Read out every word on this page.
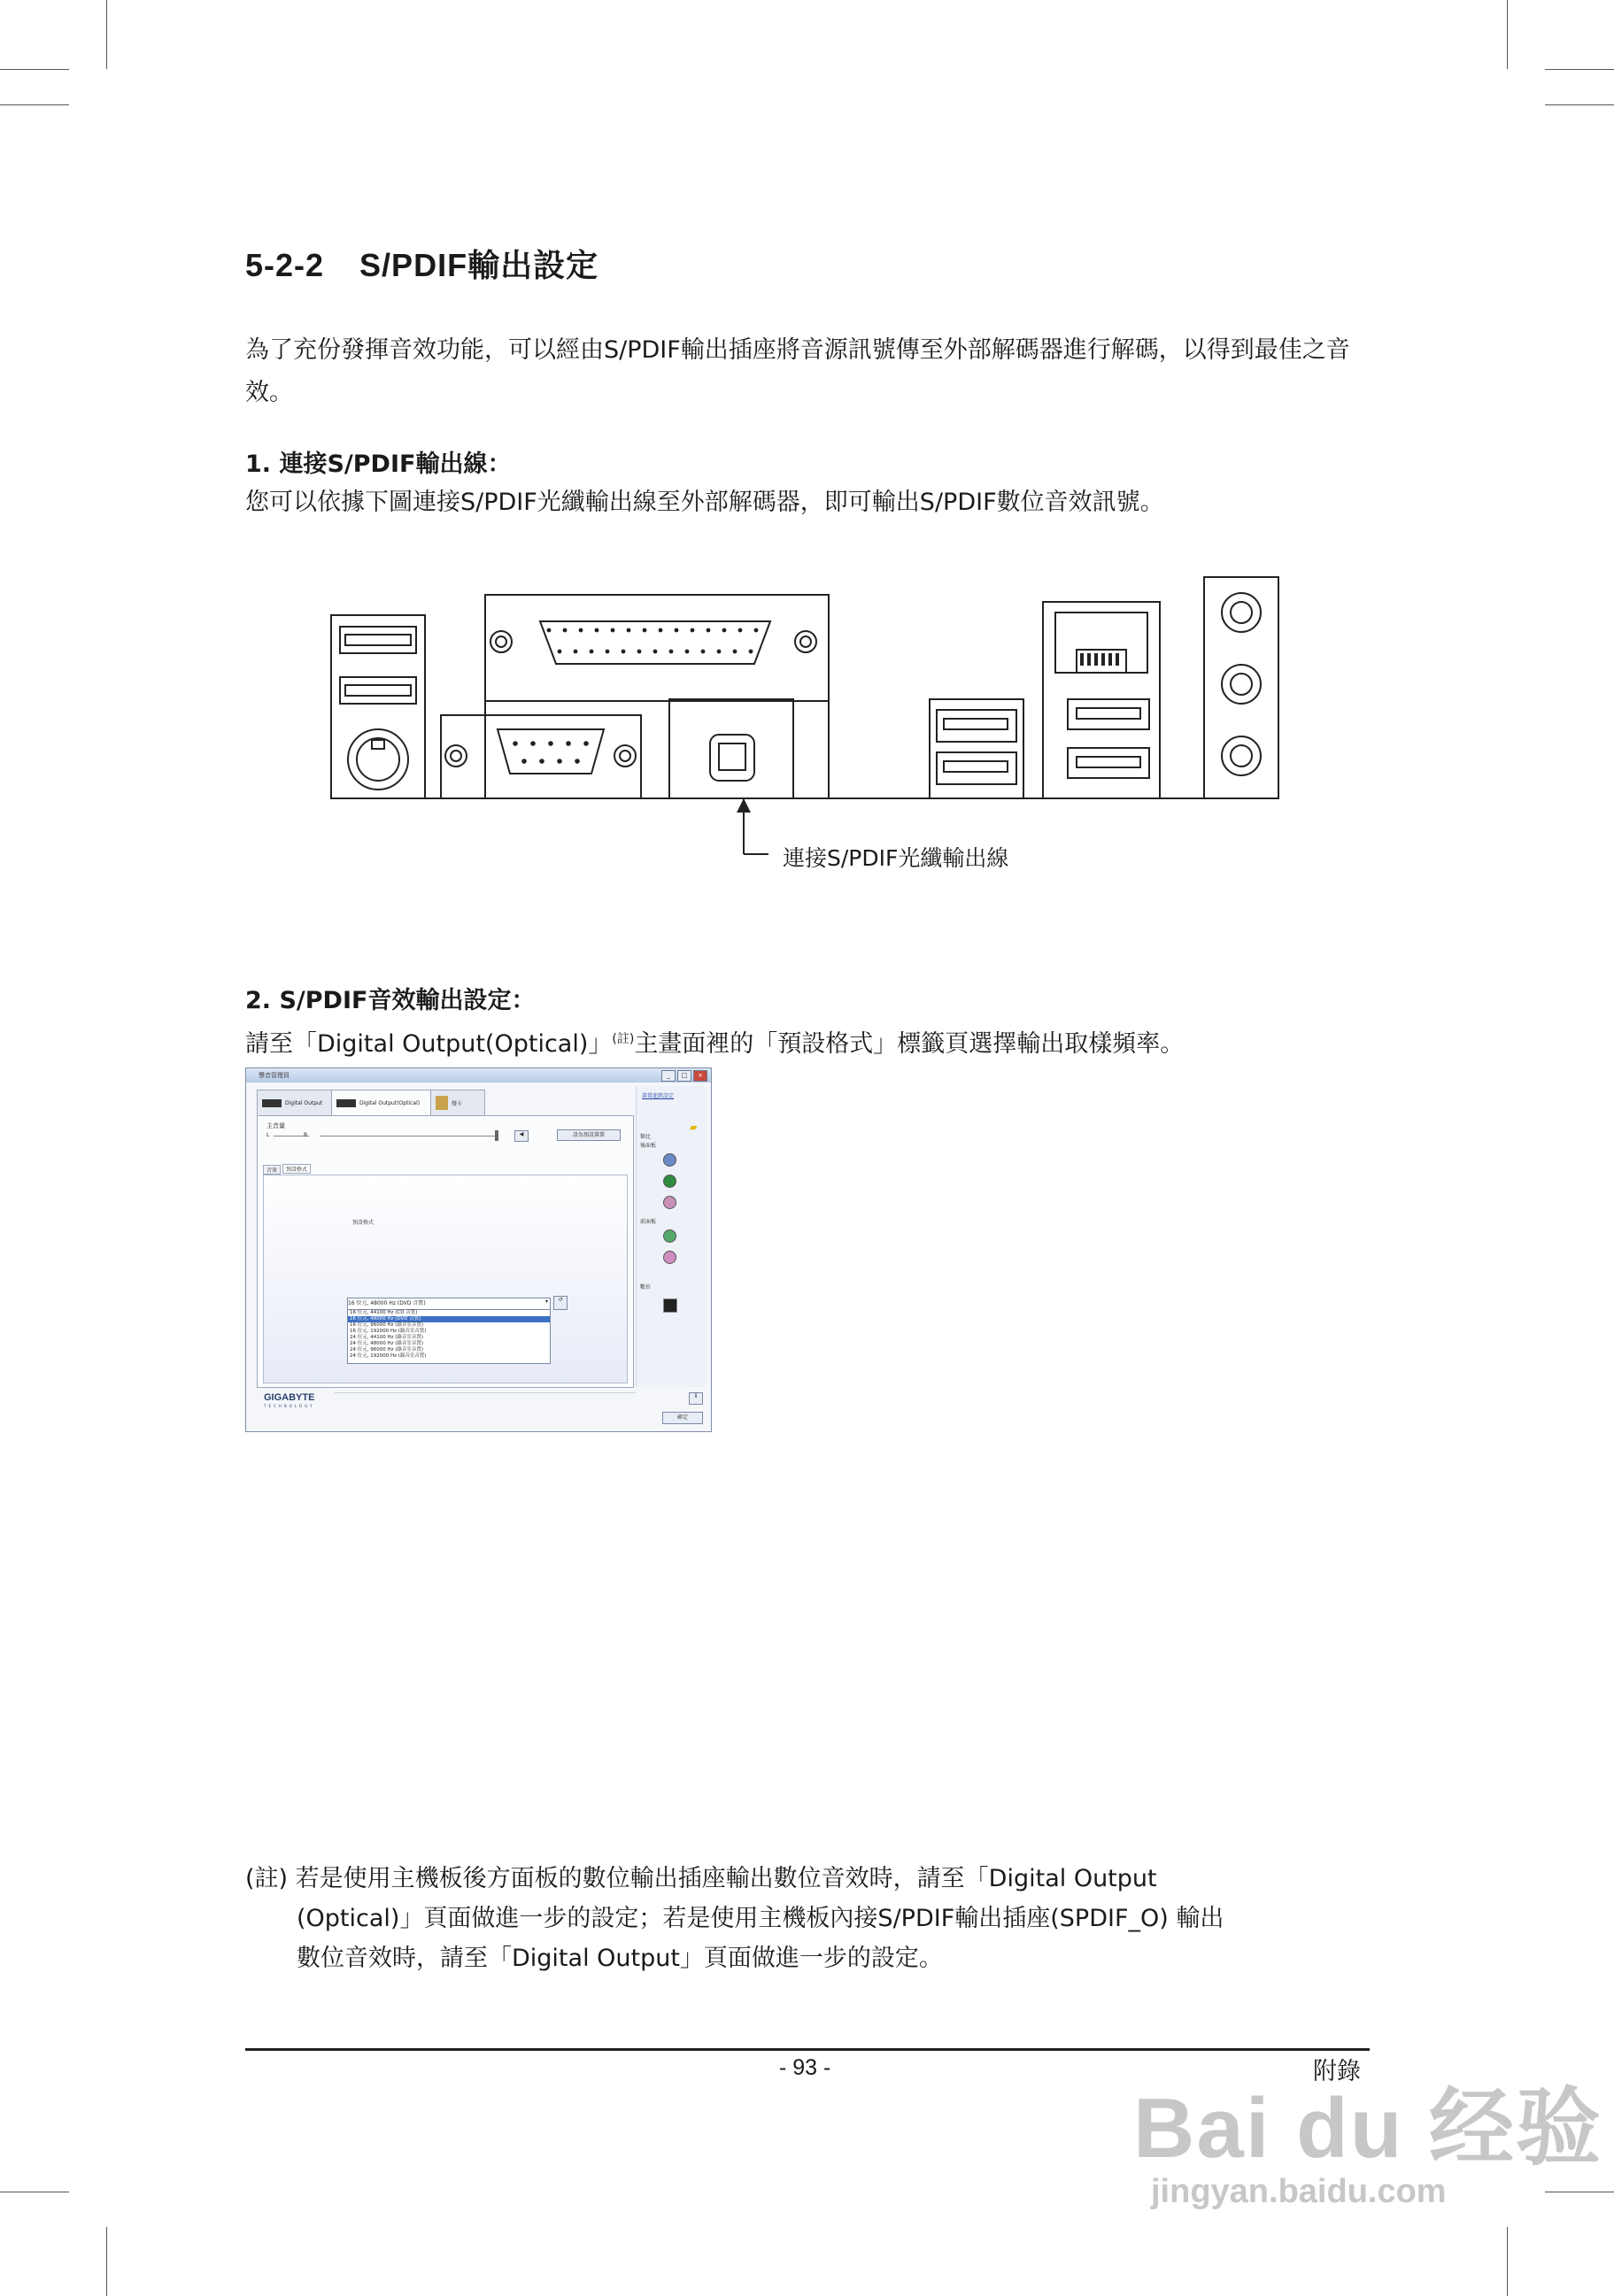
5-2-2 S/PDIF輸出設定
為了充份發揮音效功能，可以經由S/PDIF輸出插座將音源訊號傳至外部解碼器進行解碼，以得到最佳之音效。
1. 連接S/PDIF輸出線：
您可以依據下圖連接S/PDIF光纖輸出線至外部解碼器，即可輸出S/PDIF數位音效訊號。
連接S/PDIF光纖輸出線
2. S/PDIF音效輸出設定：
請至「Digital Output(Optical)」$^{(註)}$主畫面裡的「預設格式」標籤頁選擇輸出取樣頻率。
聲音管理員	_	□	×
Digital Output	Digital Output(Optical)	聲卡
主音量
L	R	◀	設為預設裝置
音效	預設格式
預設格式
16 位元, 48000 Hz (DVD 音質)	▾
16 位元, 44100 Hz (CD 音質)
16 位元, 48000 Hz (DVD 音質)
16 位元, 96000 Hz (錄音室音質)
16 位元, 192000 Hz (錄音室音質)
24 位元, 44100 Hz (錄音室音質)
24 位元, 48000 Hz (錄音室音質)
24 位元, 96000 Hz (錄音室音質)
24 位元, 192000 Hz (錄音室音質)
↺
裝置進階設定
▰
類比
後面板
前面板
數位
GIGABYTE
TECHNOLOGY
i
確定
(註) 若是使用主機板後方面板的數位輸出插座輸出數位音效時，請至「Digital Output
(Optical)」頁面做進一步的設定；若是使用主機板內接S/PDIF輸出插座(SPDIF_O) 輸出
數位音效時，請至「Digital Output」頁面做進一步的設定。
- 93 -	附錄
Bai du 经验
jingyan.baidu.com
